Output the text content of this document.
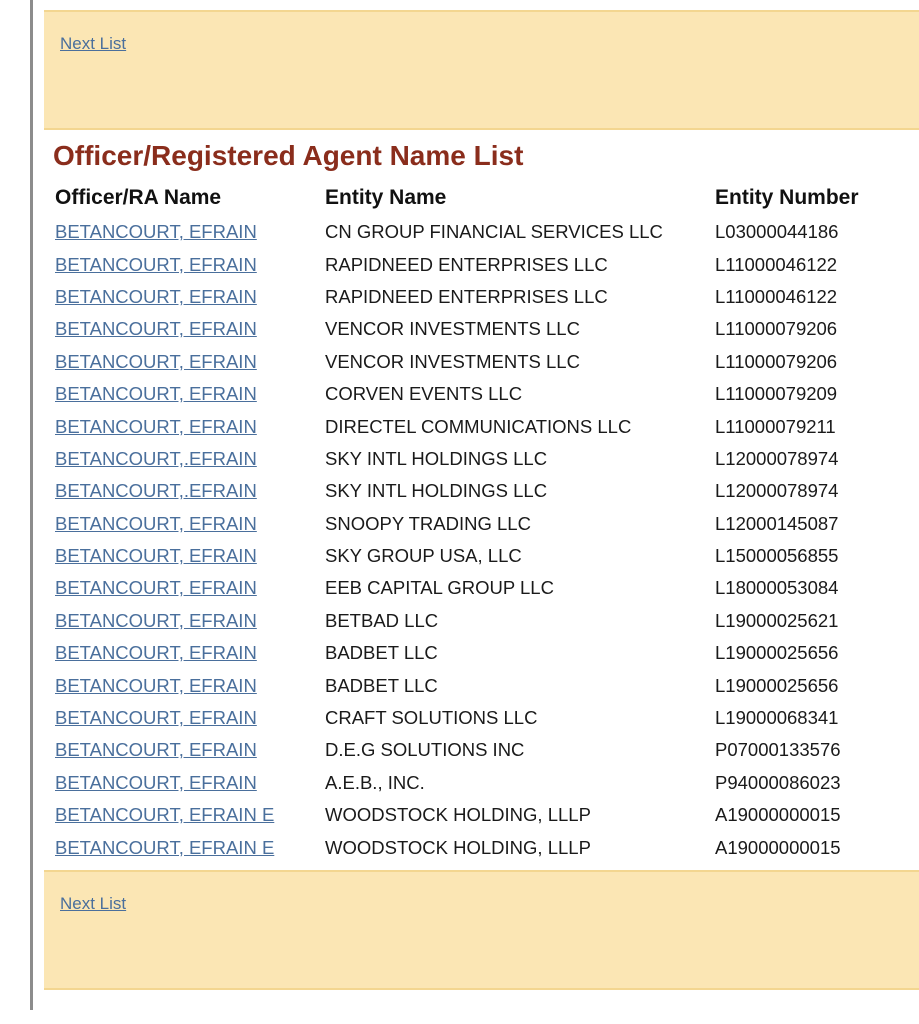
Next List
Officer/Registered Agent Name List
Officer/RA Name	Entity Name	Entity Number
BETANCOURT, EFRAIN	CN GROUP FINANCIAL SERVICES LLC	L03000044186
BETANCOURT, EFRAIN	RAPIDNEED ENTERPRISES LLC	L11000046122
BETANCOURT, EFRAIN	RAPIDNEED ENTERPRISES LLC	L11000046122
BETANCOURT, EFRAIN	VENCOR INVESTMENTS LLC	L11000079206
BETANCOURT, EFRAIN	VENCOR INVESTMENTS LLC	L11000079206
BETANCOURT, EFRAIN	CORVEN EVENTS LLC	L11000079209
BETANCOURT, EFRAIN	DIRECTEL COMMUNICATIONS LLC	L11000079211
BETANCOURT,.EFRAIN	SKY INTL HOLDINGS LLC	L12000078974
BETANCOURT,.EFRAIN	SKY INTL HOLDINGS LLC	L12000078974
BETANCOURT, EFRAIN	SNOOPY TRADING LLC	L12000145087
BETANCOURT, EFRAIN	SKY GROUP USA, LLC	L15000056855
BETANCOURT, EFRAIN	EEB CAPITAL GROUP LLC	L18000053084
BETANCOURT, EFRAIN	BETBAD LLC	L19000025621
BETANCOURT, EFRAIN	BADBET LLC	L19000025656
BETANCOURT, EFRAIN	BADBET LLC	L19000025656
BETANCOURT, EFRAIN	CRAFT SOLUTIONS LLC	L19000068341
BETANCOURT, EFRAIN	D.E.G SOLUTIONS INC	P07000133576
BETANCOURT, EFRAIN	A.E.B., INC.	P94000086023
BETANCOURT, EFRAIN E	WOODSTOCK HOLDING, LLLP	A19000000015
BETANCOURT, EFRAIN E	WOODSTOCK HOLDING, LLLP	A19000000015
Next List
